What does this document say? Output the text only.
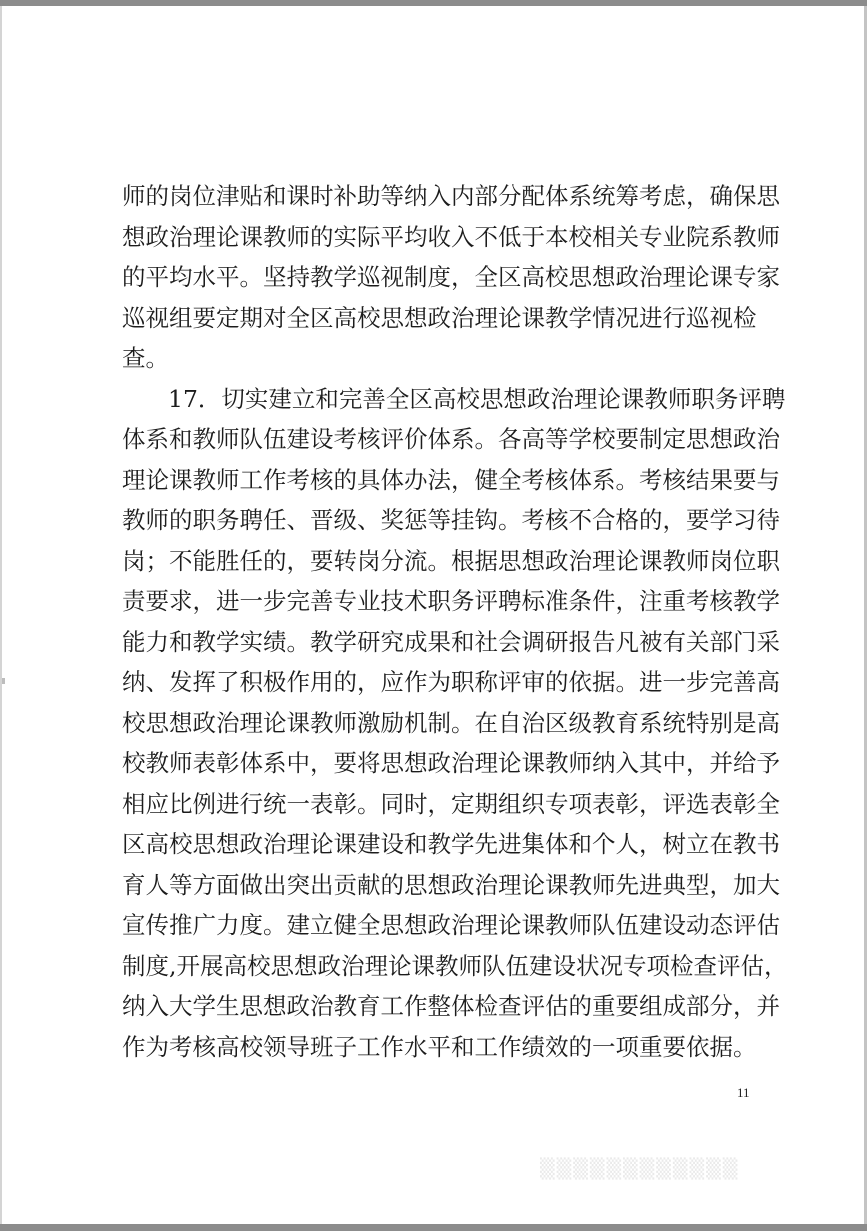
师的岗位津贴和课时补助等纳入内部分配体系统筹考虑，确保思
想政治理论课教师的实际平均收入不低于本校相关专业院系教师
的平均水平。坚持教学巡视制度，全区高校思想政治理论课专家
巡视组要定期对全区高校思想政治理论课教学情况进行巡视检
查。
17．切实建立和完善全区高校思想政治理论课教师职务评聘
体系和教师队伍建设考核评价体系。各高等学校要制定思想政治
理论课教师工作考核的具体办法，健全考核体系。考核结果要与
教师的职务聘任、晋级、奖惩等挂钩。考核不合格的，要学习待
岗；不能胜任的，要转岗分流。根据思想政治理论课教师岗位职
责要求，进一步完善专业技术职务评聘标准条件，注重考核教学
能力和教学实绩。教学研究成果和社会调研报告凡被有关部门采
纳、发挥了积极作用的，应作为职称评审的依据。进一步完善高
校思想政治理论课教师激励机制。在自治区级教育系统特别是高
校教师表彰体系中，要将思想政治理论课教师纳入其中，并给予
相应比例进行统一表彰。同时，定期组织专项表彰，评选表彰全
区高校思想政治理论课建设和教学先进集体和个人，树立在教书
育人等方面做出突出贡献的思想政治理论课教师先进典型，加大
宣传推广力度。建立健全思想政治理论课教师队伍建设动态评估
制度,开展高校思想政治理论课教师队伍建设状况专项检查评估，
纳入大学生思想政治教育工作整体检查评估的重要组成部分，并
作为考核高校领导班子工作水平和工作绩效的一项重要依据。
11
▒▒▒▒▒▒▒▒▒▒▒▒
